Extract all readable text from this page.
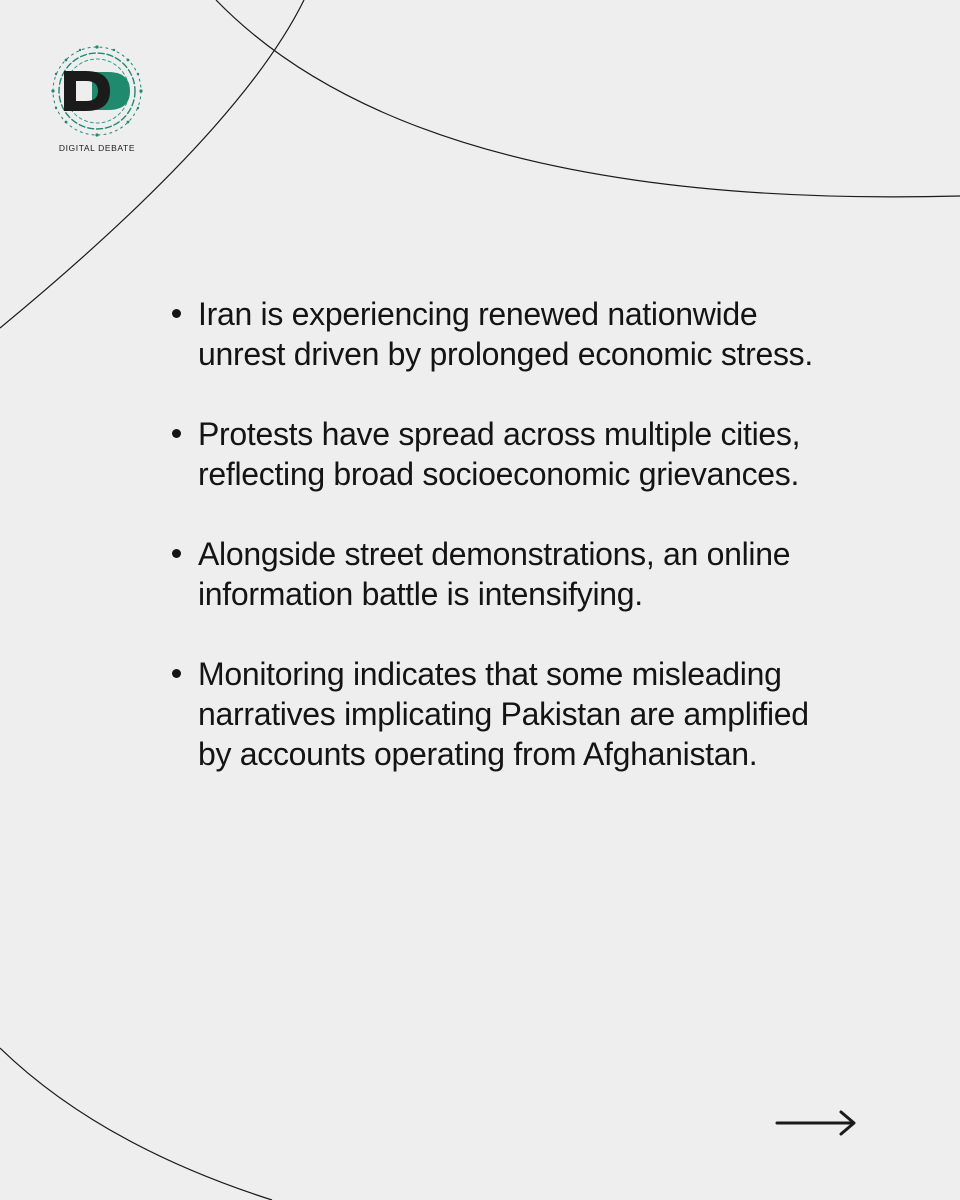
DIGITAL DEBATE
Iran is experiencing renewed nationwide unrest driven by prolonged economic stress.
Protests have spread across multiple cities, reflecting broad socioeconomic grievances.
Alongside street demonstrations, an online information battle is intensifying.
Monitoring indicates that some misleading narratives implicating Pakistan are amplified by accounts operating from Afghanistan.
